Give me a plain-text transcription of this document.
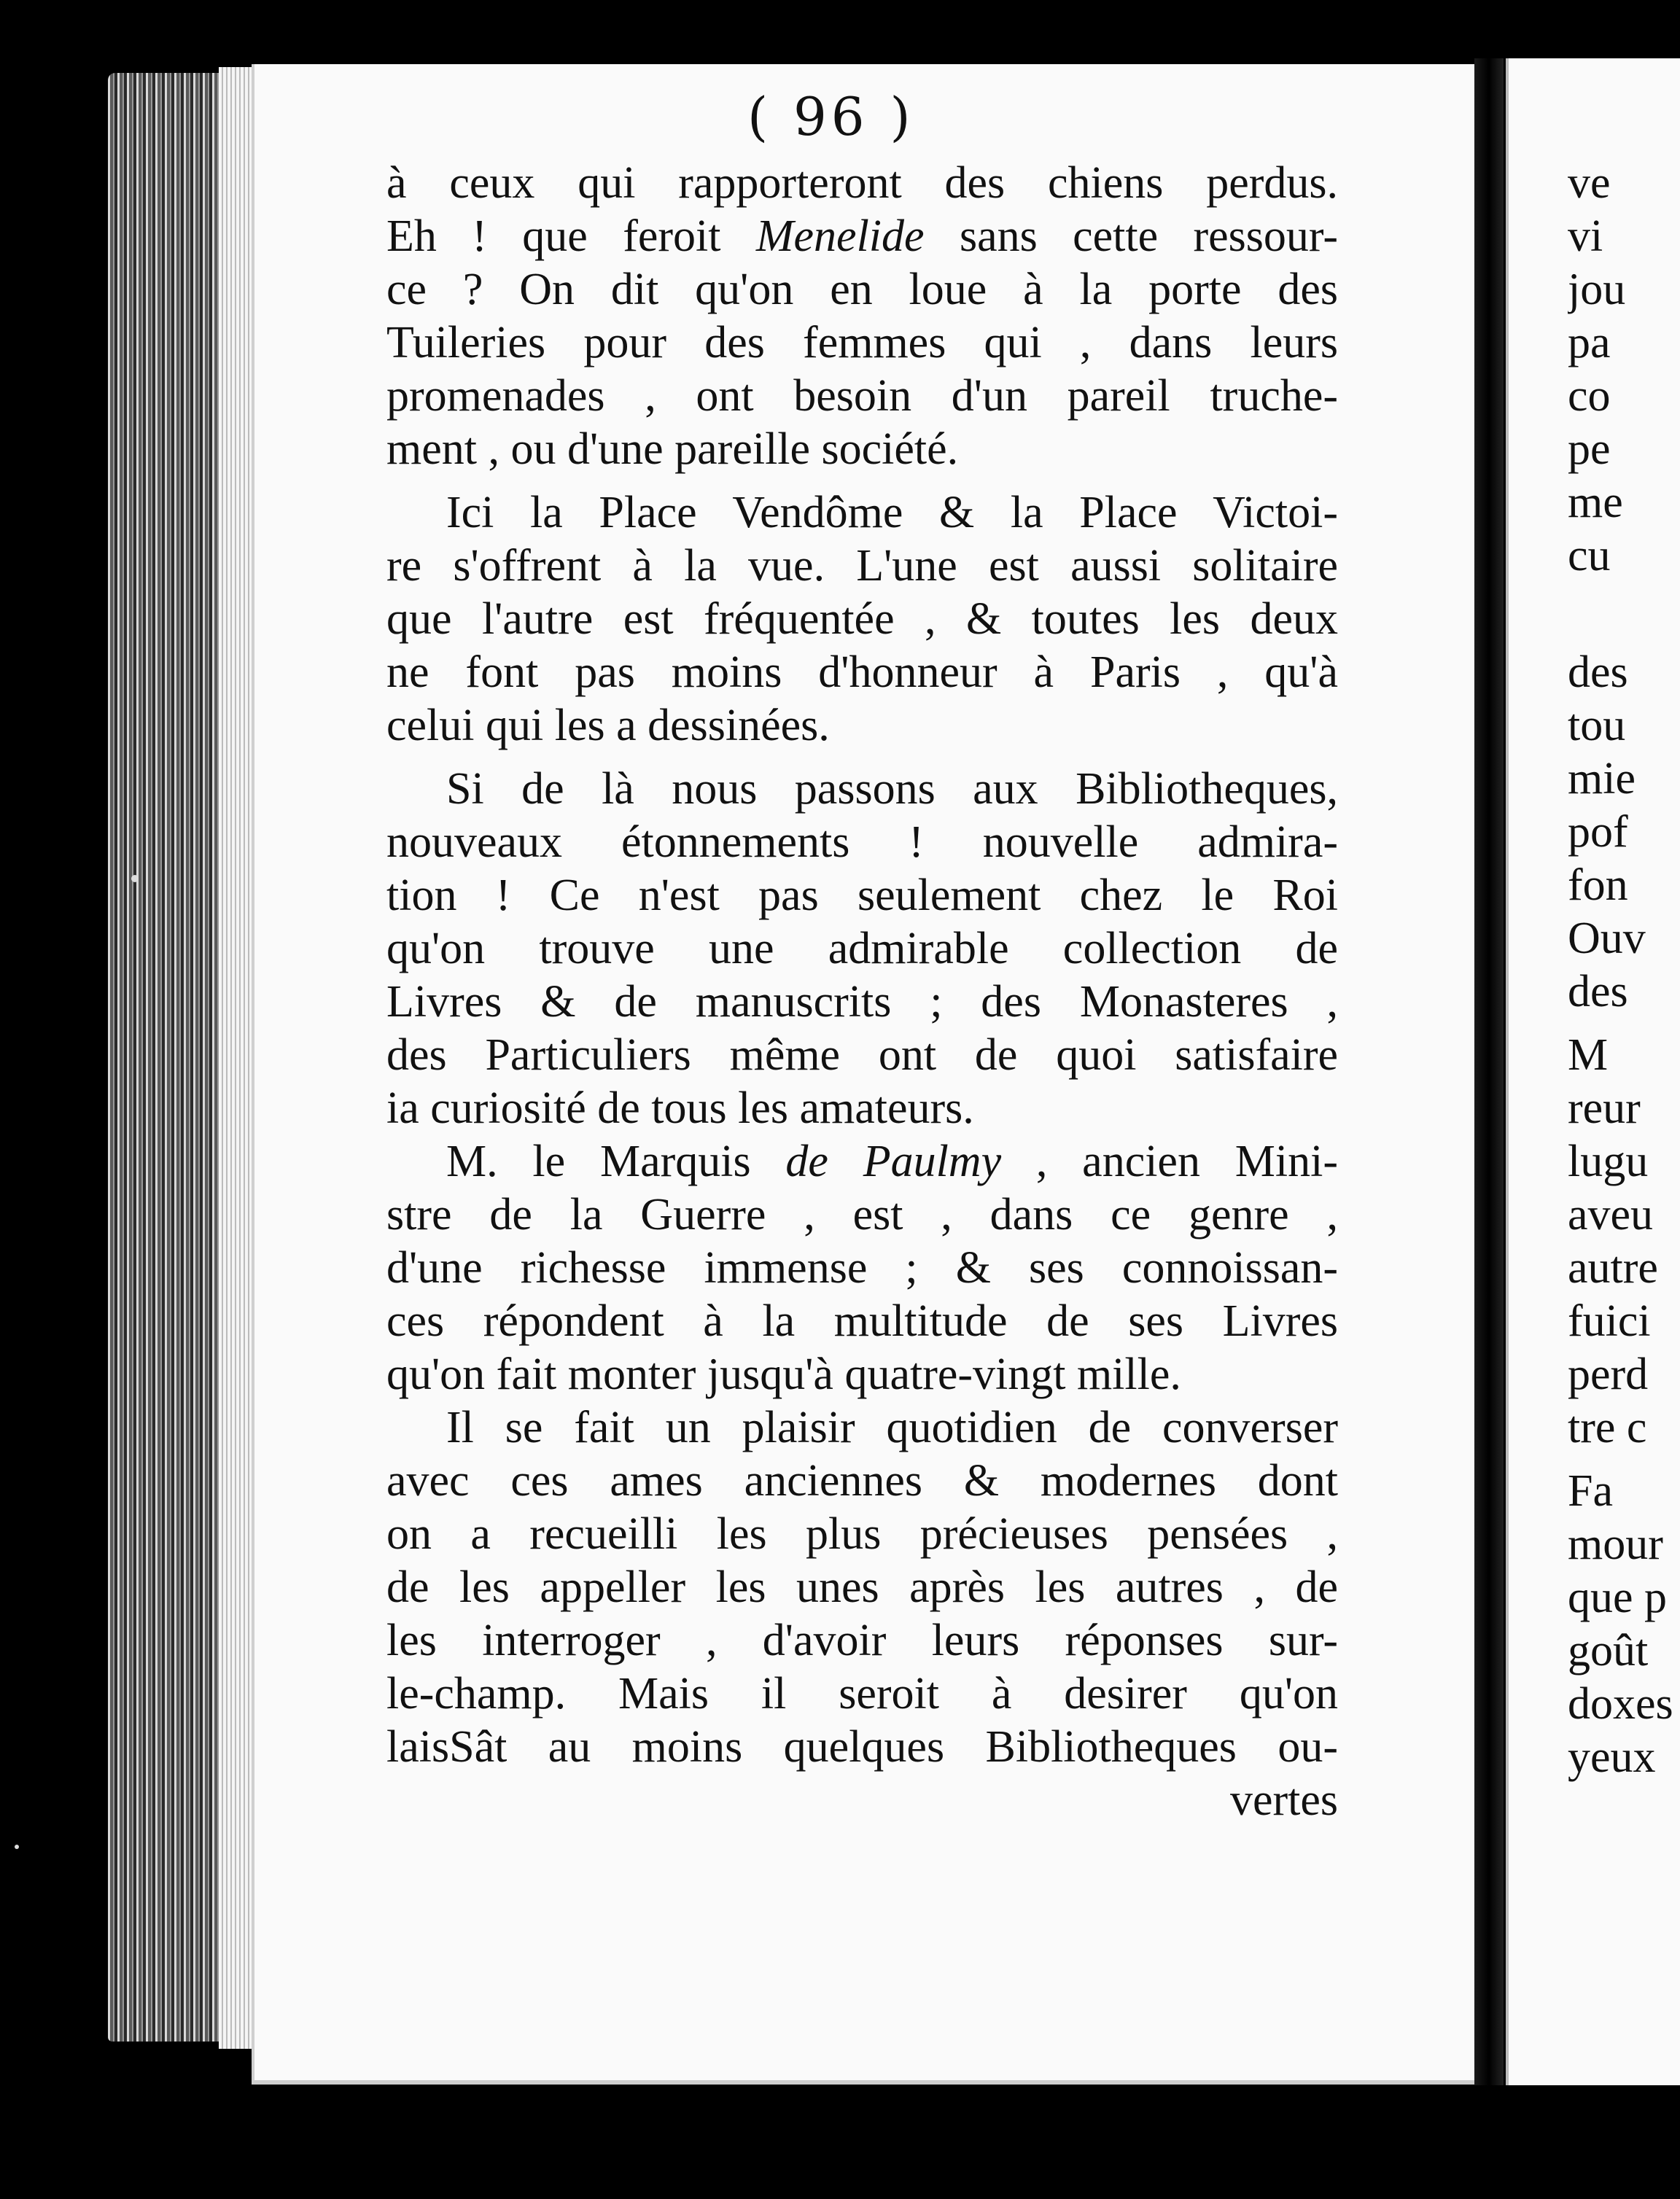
( 96 )
à ceux qui rapporteront des chiens perdus.
Eh ! que feroit Menelide sans cette ressour-
ce ? On dit qu'on en loue à la porte des
Tuileries pour des femmes qui , dans leurs
promenades , ont besoin d'un pareil truche-
ment , ou d'une pareille société.
Ici la Place Vendôme & la Place Victoi-
re s'offrent à la vue. L'une est aussi solitaire
que l'autre est fréquentée , & toutes les deux
ne font pas moins d'honneur à Paris , qu'à
celui qui les a dessinées.
Si de là nous passons aux Bibliotheques,
nouveaux étonnements ! nouvelle admira-
tion ! Ce n'est pas seulement chez le Roi
qu'on trouve une admirable collection de
Livres & de manuscrits ; des Monasteres ,
des Particuliers même ont de quoi satisfaire
ia curiosité de tous les amateurs.
M. le Marquis de Paulmy , ancien Mini-
stre de la Guerre , est , dans ce genre ,
d'une richesse immense ; & ses connoissan-
ces répondent à la multitude de ses Livres
qu'on fait monter jusqu'à quatre-vingt mille.
Il se fait un plaisir quotidien de converser
avec ces ames anciennes & modernes dont
on a recueilli les plus précieuses pensées ,
de les appeller les unes après les autres , de
les interroger , d'avoir leurs réponses sur-
le-champ. Mais il seroit à desirer qu'on
laisSât au moins quelques Bibliotheques ou-
vertes
ve
vi
jou
pa
co
pe
me
cu
des
tou
mie
pof
fon
Ouv
des
M
reur
lugu
aveu
autre
fuici
perd
tre c
Fa
mour
que p
goût
doxes
yeux
